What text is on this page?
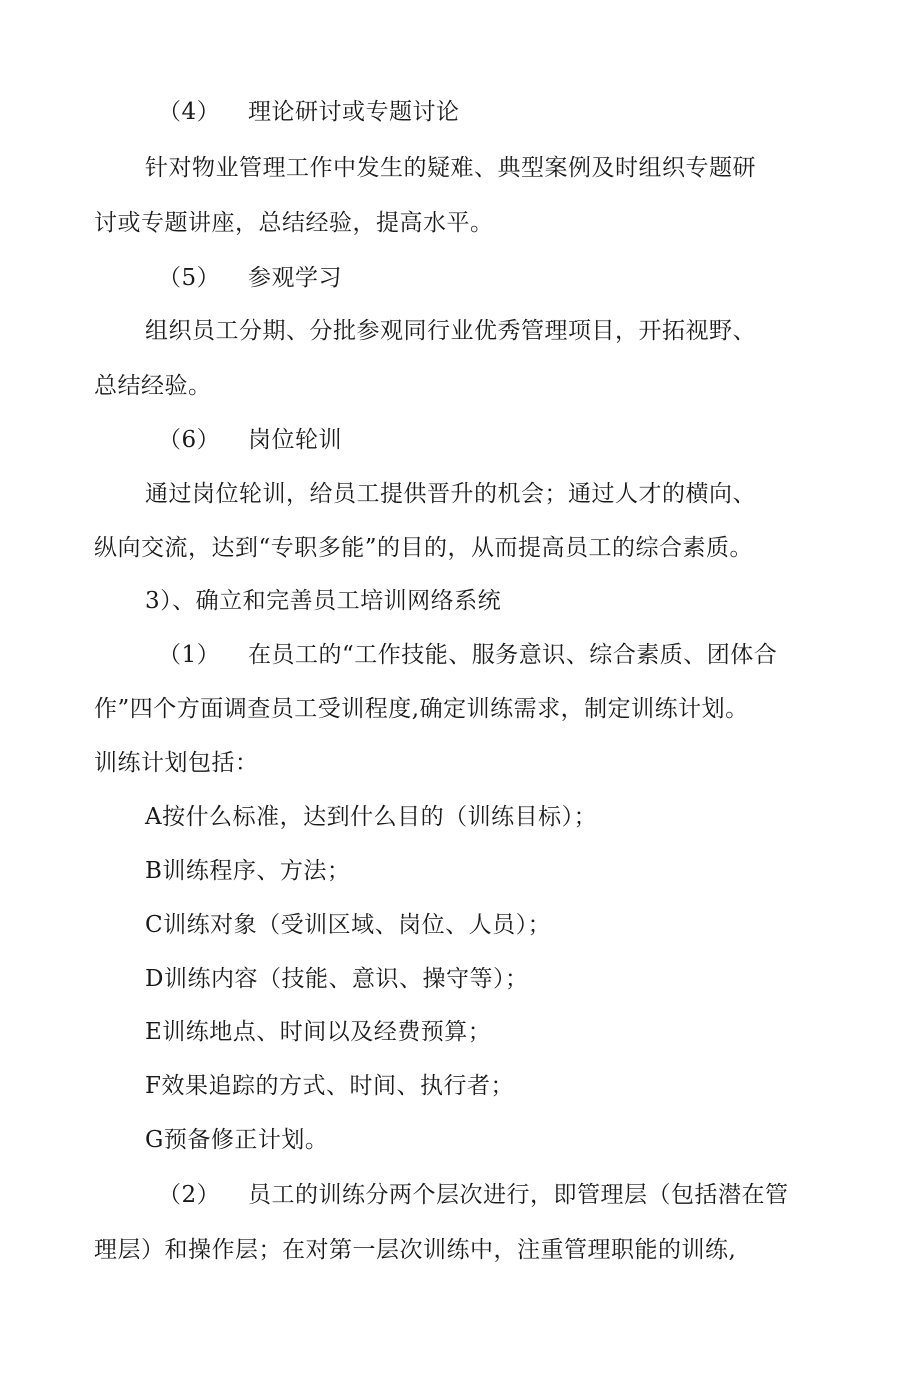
（4） 理论研讨或专题讨论
针对物业管理工作中发生的疑难、典型案例及时组织专题研
讨或专题讲座，总结经验，提高水平。
（5） 参观学习
组织员工分期、分批参观同行业优秀管理项目，开拓视野、
总结经验。
（6） 岗位轮训
通过岗位轮训，给员工提供晋升的机会；通过人才的横向、
纵向交流，达到“专职多能”的目的，从而提高员工的综合素质。
3）、确立和完善员工培训网络系统
（1） 在员工的“工作技能、服务意识、综合素质、团体合
作”四个方面调查员工受训程度,确定训练需求，制定训练计划。
训练计划包括：
A按什么标准，达到什么目的（训练目标）；
B训练程序、方法；
C训练对象（受训区域、岗位、人员）；
D训练内容（技能、意识、操守等）；
E训练地点、时间以及经费预算；
F效果追踪的方式、时间、执行者；
G预备修正计划。
（2） 员工的训练分两个层次进行，即管理层（包括潜在管
理层）和操作层；在对第一层次训练中，注重管理职能的训练,
